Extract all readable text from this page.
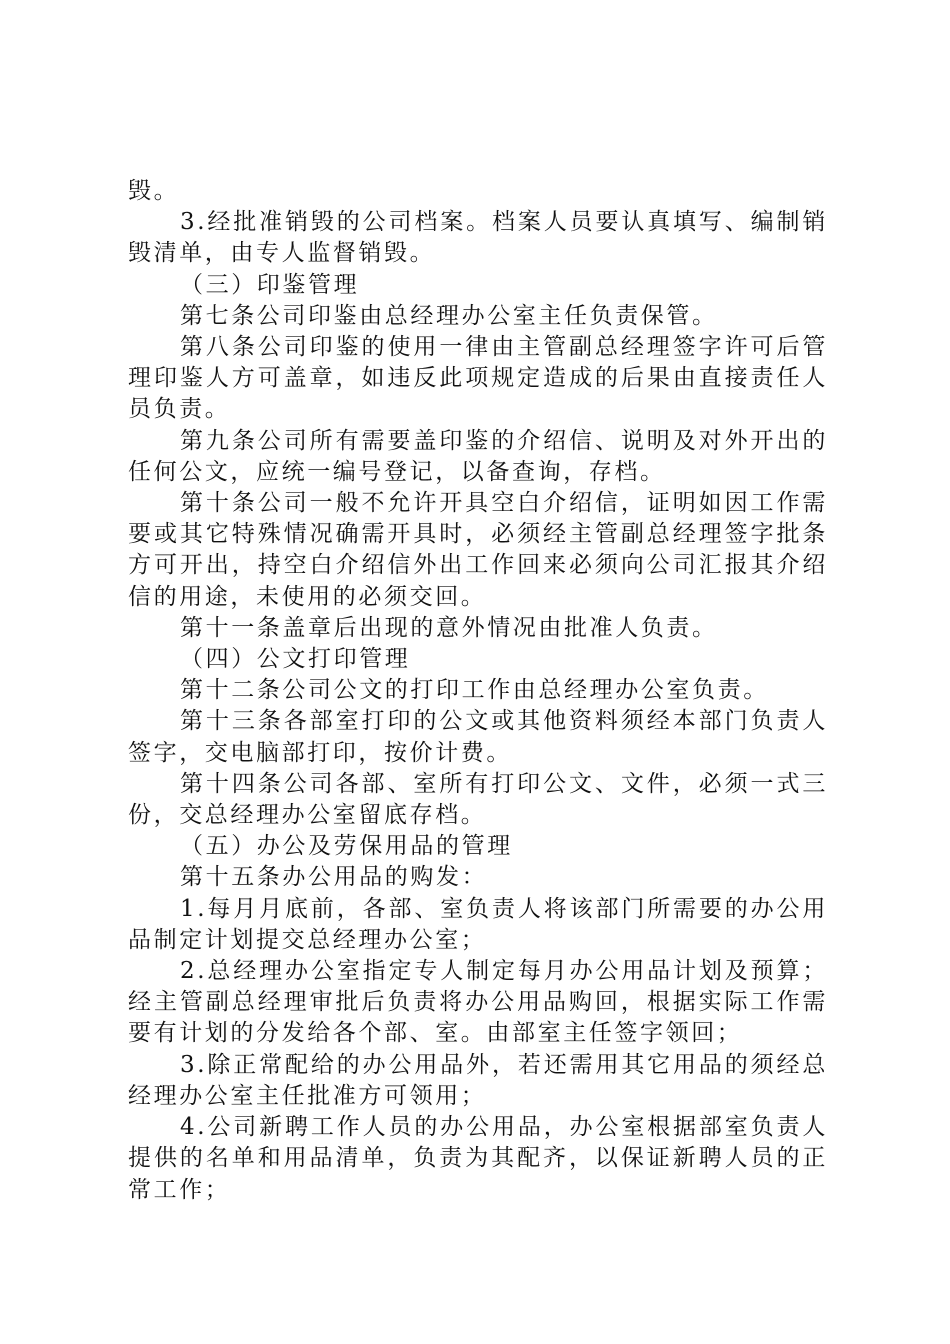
毁。

3.经批准销毁的公司档案。档案人员要认真填写、编制销毁清单，由专人监督销毁。

（三）印鉴管理

第七条公司印鉴由总经理办公室主任负责保管。

第八条公司印鉴的使用一律由主管副总经理签字许可后管理印鉴人方可盖章，如违反此项规定造成的后果由直接责任人员负责。

第九条公司所有需要盖印鉴的介绍信、说明及对外开出的任何公文，应统一编号登记，以备查询，存档。

第十条公司一般不允许开具空白介绍信，证明如因工作需要或其它特殊情况确需开具时，必须经主管副总经理签字批条方可开出，持空白介绍信外出工作回来必须向公司汇报其介绍信的用途，未使用的必须交回。

第十一条盖章后出现的意外情况由批准人负责。

（四）公文打印管理

第十二条公司公文的打印工作由总经理办公室负责。

第十三条各部室打印的公文或其他资料须经本部门负责人签字，交电脑部打印，按价计费。

第十四条公司各部、室所有打印公文、文件，必须一式三份，交总经理办公室留底存档。

（五）办公及劳保用品的管理

第十五条办公用品的购发：

1.每月月底前，各部、室负责人将该部门所需要的办公用品制定计划提交总经理办公室；

2.总经理办公室指定专人制定每月办公用品计划及预算；经主管副总经理审批后负责将办公用品购回，根据实际工作需要有计划的分发给各个部、室。由部室主任签字领回；

3.除正常配给的办公用品外，若还需用其它用品的须经总经理办公室主任批准方可领用；

4.公司新聘工作人员的办公用品，办公室根据部室负责人提供的名单和用品清单，负责为其配齐，以保证新聘人员的正常工作；
